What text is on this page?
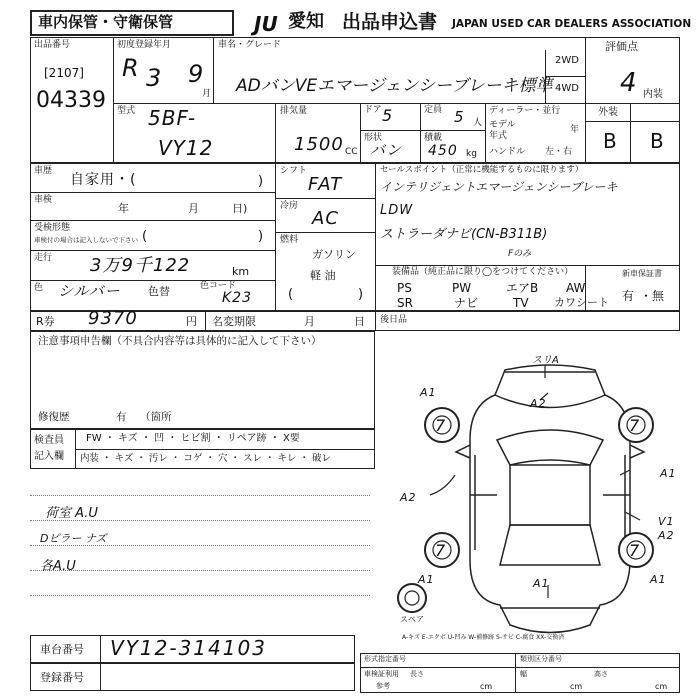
車内保管・守衛保管	JU 愛知 出品申込書 JAPAN USED CAR DEALERS ASSOCIATION
出品番号
[2107]
04339
初度登録年月
R 3 9
月
車名・グレード
ADバンVEエマージェンシーブレーキ標準
2WD
4WD
評価点
4
外装
内装
B B
型式 5BF-
VY12
排気量
1500 CC
ドア 5	定員 5 人
ディーラー・並行
モデル
年式
年
ハンドル 左・右
形状
バン
積載
450 kg
車歴
自家用・(	)
車検
年	月	日)
受検形態
車検付の場合は記入しないで下さい (	)
走行 3万9千122	km
色 シルバー 色替	色コード
K23
シフト
FAT
冷房
AC
燃料
ガソリン
軽 油
(	)
セールスポイント（正常に機能するものに限ります）
インテリジェントエマージェンシーブレーキ
LDW
ストラーダナビ(CN-B311B)
Fのみ
装備品（純正品に限り◯をつけてください）
PS	PW	エアB AW
SR	ナビ	TV カワシート
新車保証書
有 ・ 無
R券 9370	円 名変期限	月	日 後日品
注意事項申告欄（不具合内容等は具体的に記入して下さい）
修復歴	有 （箇所
検査員
記入欄
FW ・ キズ ・ 凹 ・ ヒビ割 ・ リペア跡 ・ X要
内装 ・ キズ ・ 汚レ ・ コゲ ・ 穴 ・ スレ ・ キレ ・ 破レ
荷室 A.U
Dピラー ナズ
各A.U
7	7
7	7
スリA
A2
A1
A1
A2
V1
A2
A1	A1	A1
スペア
A-キズ E-エクボ U-凹み W-補修跡 S-サビ C-腐食 XX-交換済
車台番号 VY12-314103
登録番号
形式指定番号	類別区分番号
車検証利用 長さ
cm
幅
cm
高さ
cm
参考
